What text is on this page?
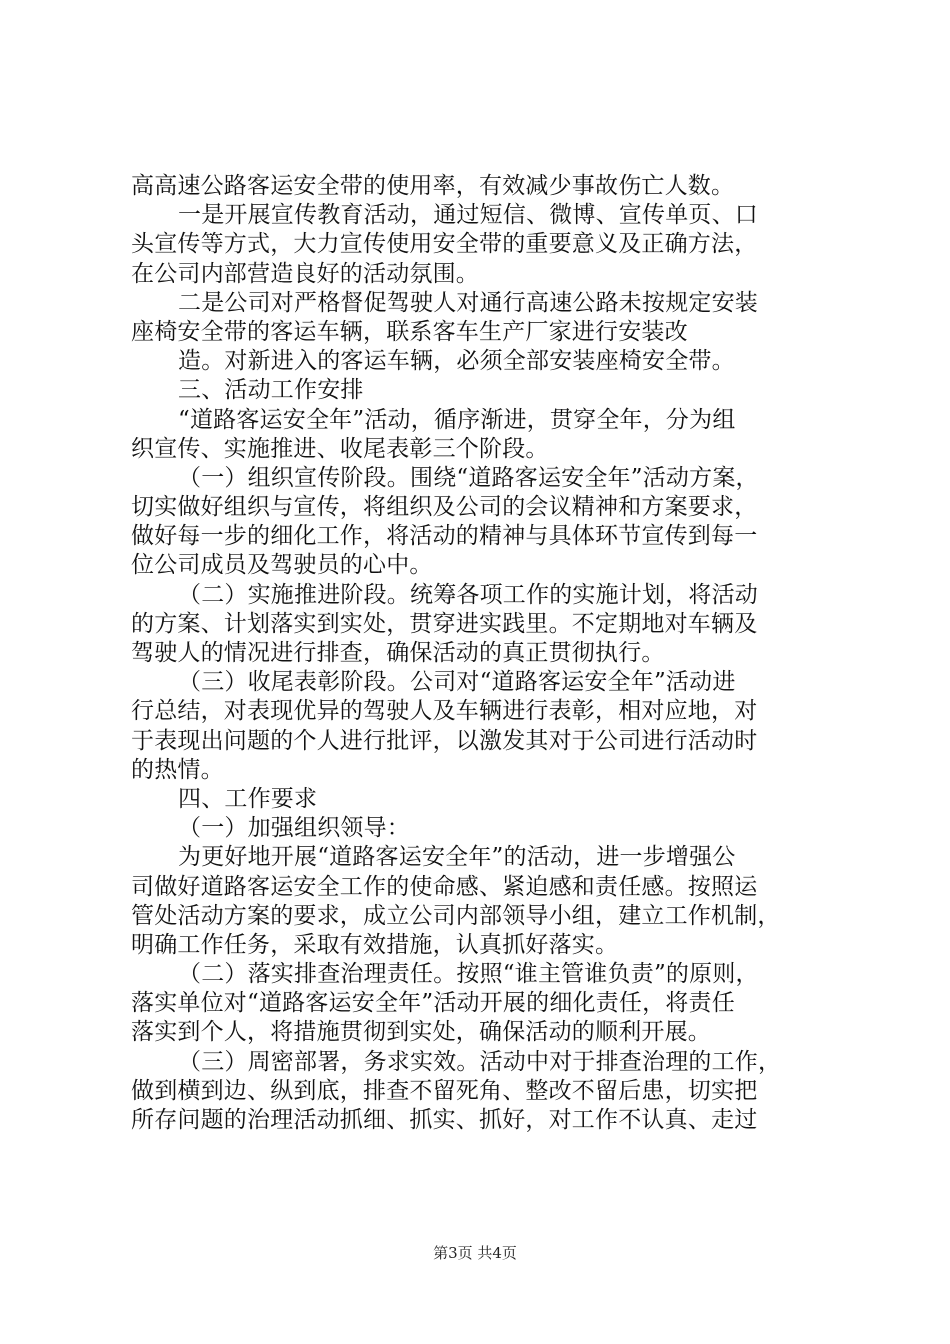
高高速公路客运安全带的使用率，有效减少事故伤亡人数。
一是开展宣传教育活动，通过短信、微博、宣传单页、口
头宣传等方式，大力宣传使用安全带的重要意义及正确方法，
在公司内部营造良好的活动氛围。
二是公司对严格督促驾驶人对通行高速公路未按规定安装
座椅安全带的客运车辆，联系客车生产厂家进行安装改
造。对新进入的客运车辆，必须全部安装座椅安全带。
三、活动工作安排
“道路客运安全年”活动，循序渐进，贯穿全年，分为组
织宣传、实施推进、收尾表彰三个阶段。
（一）组织宣传阶段。围绕“道路客运安全年”活动方案，
切实做好组织与宣传，将组织及公司的会议精神和方案要求，
做好每一步的细化工作，将活动的精神与具体环节宣传到每一
位公司成员及驾驶员的心中。
（二）实施推进阶段。统筹各项工作的实施计划，将活动
的方案、计划落实到实处，贯穿进实践里。不定期地对车辆及
驾驶人的情况进行排查，确保活动的真正贯彻执行。
（三）收尾表彰阶段。公司对“道路客运安全年”活动进
行总结，对表现优异的驾驶人及车辆进行表彰，相对应地，对
于表现出问题的个人进行批评，以激发其对于公司进行活动时
的热情。
四、工作要求
（一）加强组织领导：
为更好地开展“道路客运安全年”的活动，进一步增强公
司做好道路客运安全工作的使命感、紧迫感和责任感。按照运
管处活动方案的要求，成立公司内部领导小组，建立工作机制，
明确工作任务，采取有效措施，认真抓好落实。
（二）落实排查治理责任。按照“谁主管谁负责”的原则，
落实单位对“道路客运安全年”活动开展的细化责任，将责任
落实到个人，将措施贯彻到实处，确保活动的顺利开展。
（三）周密部署，务求实效。活动中对于排查治理的工作，
做到横到边、纵到底，排查不留死角、整改不留后患，切实把
所存问题的治理活动抓细、抓实、抓好，对工作不认真、走过
第3页 共4页
